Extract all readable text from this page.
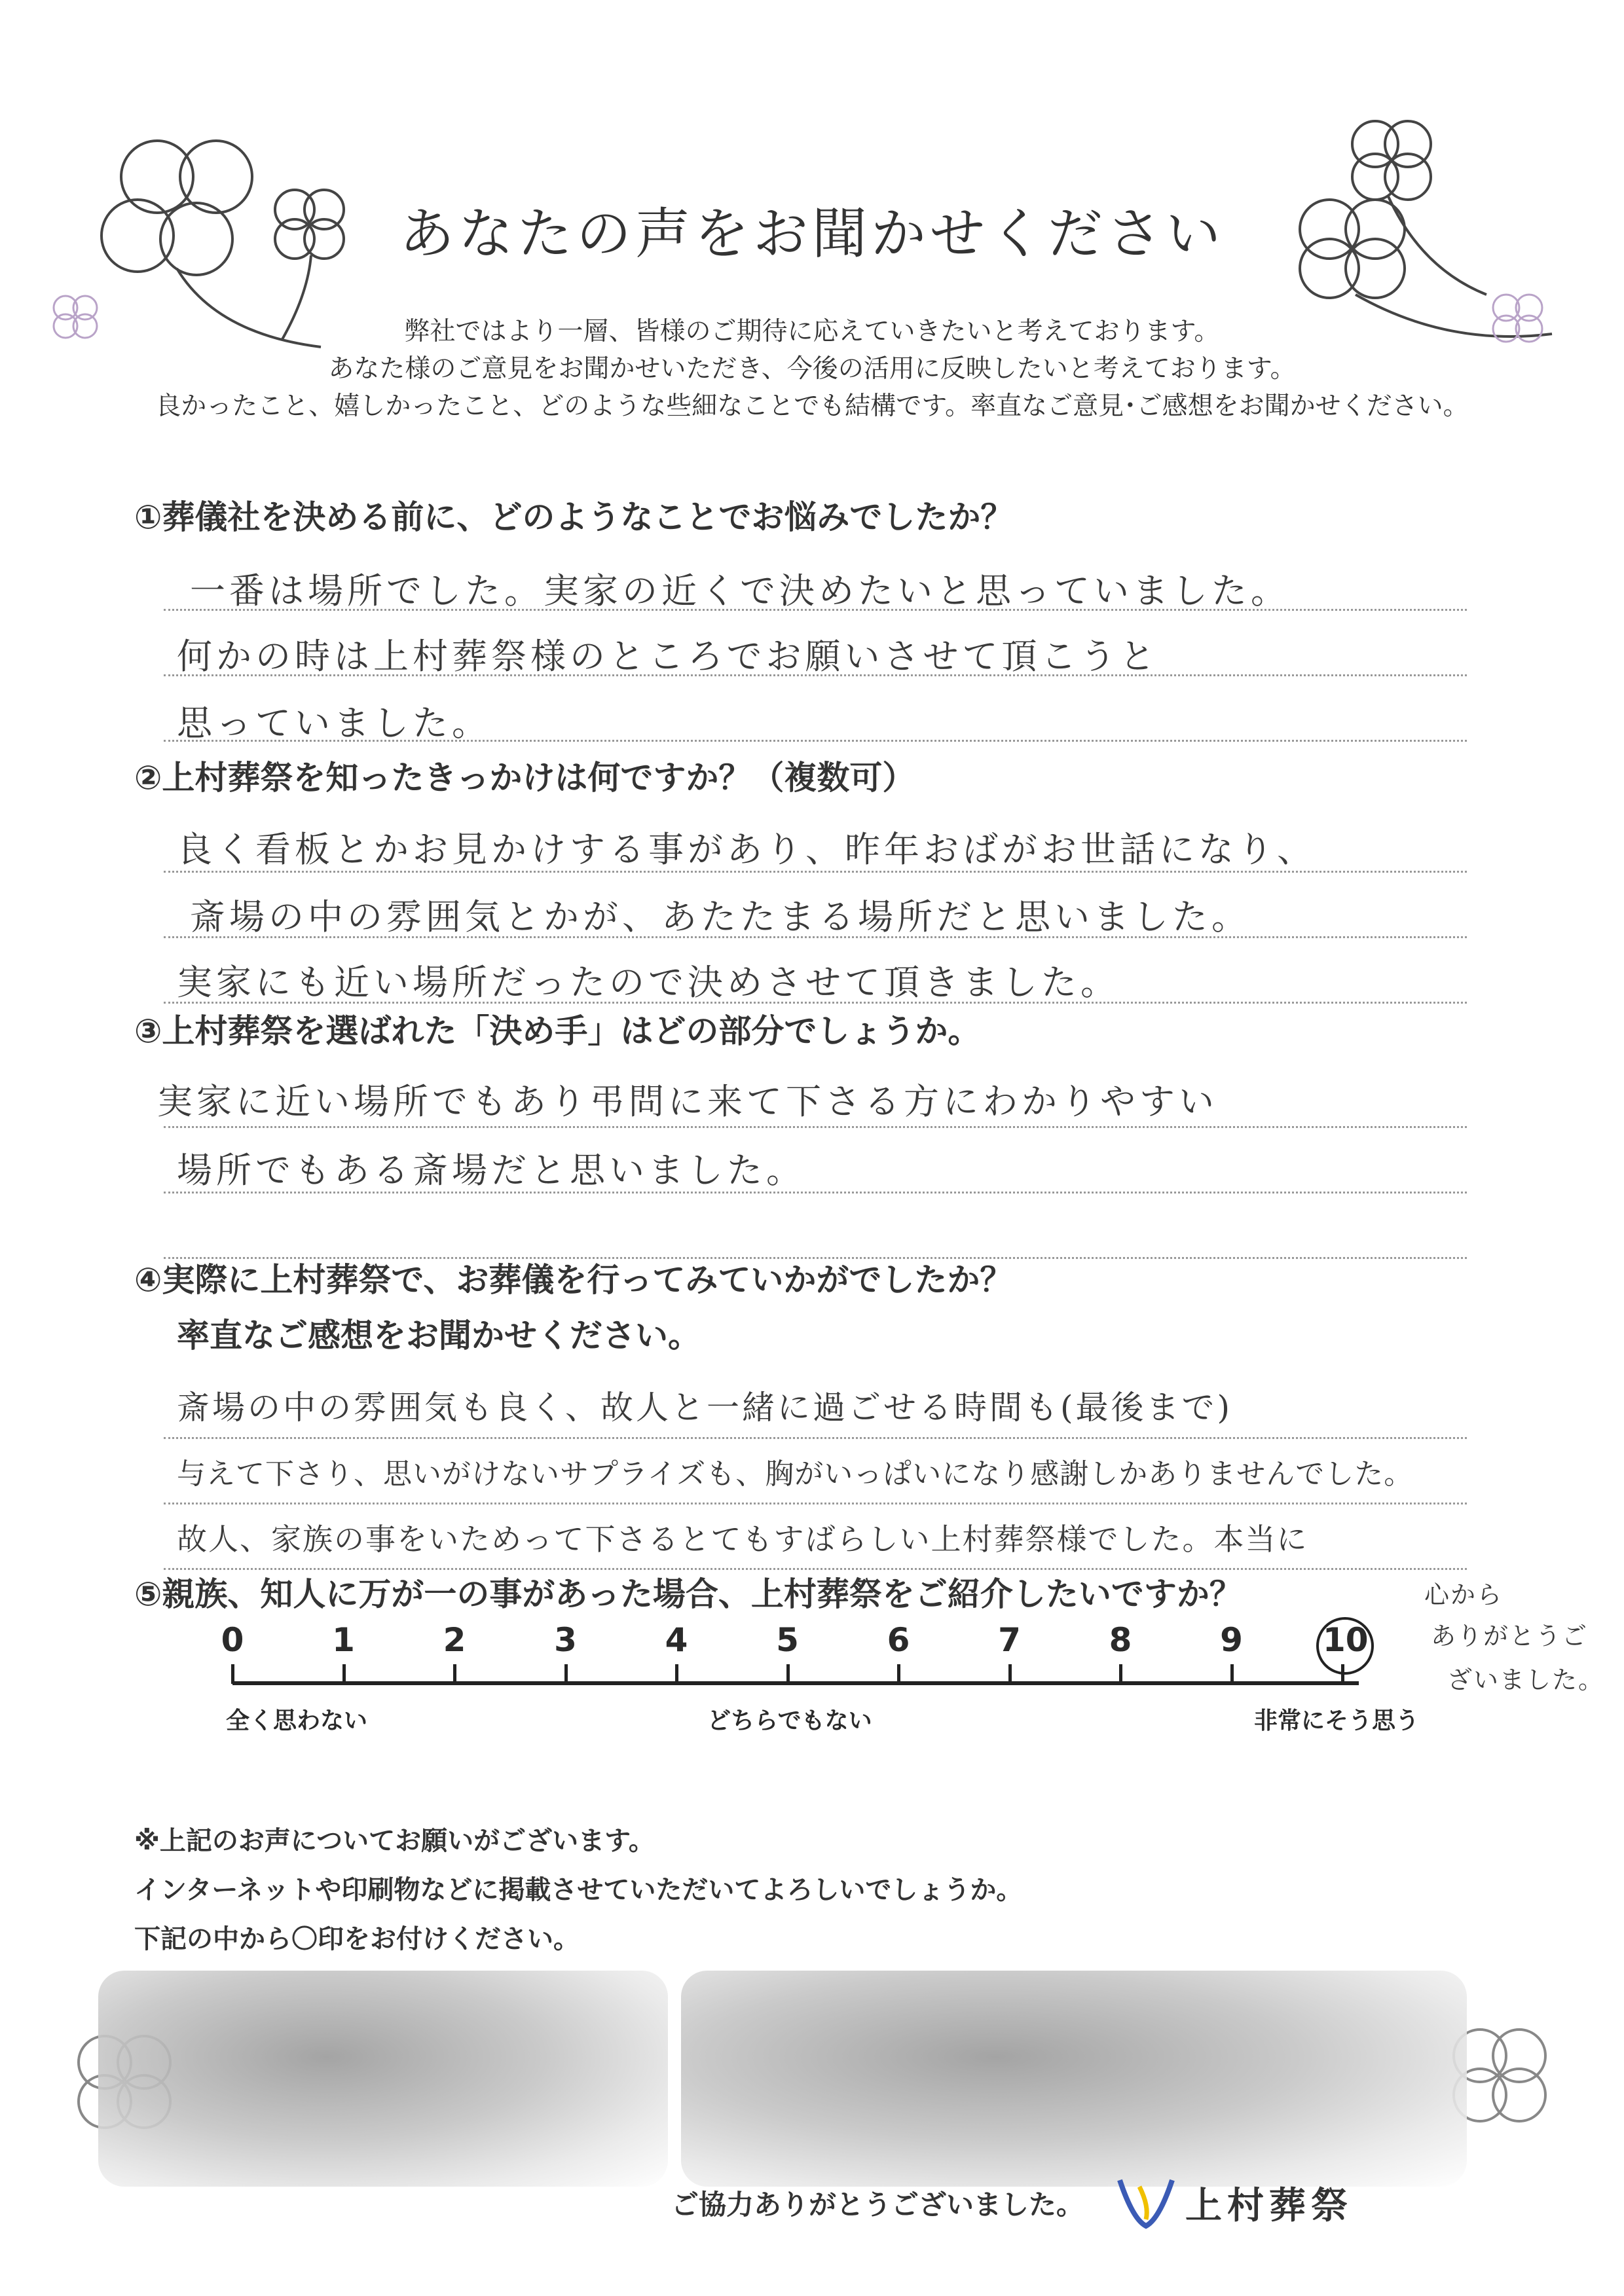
あなたの声をお聞かせください
弊社ではより一層、皆様のご期待に応えていきたいと考えております。
あなた様のご意見をお聞かせいただき、今後の活用に反映したいと考えております。
良かったこと、嬉しかったこと、どのような些細なことでも結構です。率直なご意見･ご感想をお聞かせください。
①葬儀社を決める前に、どのようなことでお悩みでしたか？
一番は場所でした。実家の近くで決めたいと思っていました。
何かの時は上村葬祭様のところでお願いさせて頂こうと
思っていました。
②上村葬祭を知ったきっかけは何ですか？（複数可）
良く看板とかお見かけする事があり、昨年おばがお世話になり、
斎場の中の雰囲気とかが、あたたまる場所だと思いました。
実家にも近い場所だったので決めさせて頂きました。
③上村葬祭を選ばれた「決め手」はどの部分でしょうか。
実家に近い場所でもあり弔問に来て下さる方にわかりやすい
場所でもある斎場だと思いました。
④実際に上村葬祭で、お葬儀を行ってみていかがでしたか？
率直なご感想をお聞かせください。
斎場の中の雰囲気も良く、故人と一緒に過ごせる時間も(最後まで)
与えて下さり、思いがけないサプライズも、胸がいっぱいになり感謝しかありませんでした。
故人、家族の事をいためって下さるとてもすばらしい上村葬祭様でした。本当に
⑤親族、知人に万が一の事があった場合、上村葬祭をご紹介したいですか？	心から
ありがとうご
ざいました。
0	1	2	3	4	5	6	7	8	9 10
全く思わない	どちらでもない	非常にそう思う
※上記のお声についてお願いがございます。
インターネットや印刷物などに掲載させていただいてよろしいでしょうか。
下記の中から〇印をお付けください。
ご協力ありがとうございました。	上村葬祭
